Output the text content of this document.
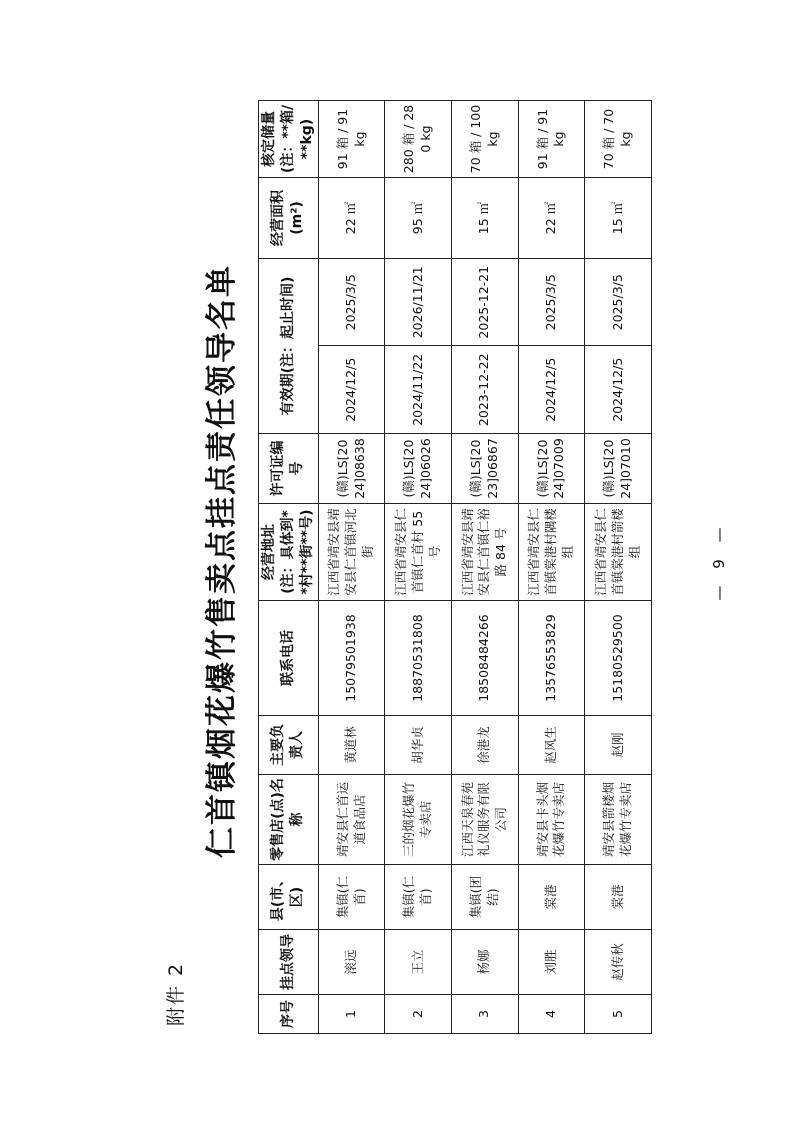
附件 2
仁首镇烟花爆竹售卖点挂点责任领导名单
序号	挂点领导	县(市、区)	零售店(点)名称	主要负责人	联系电话	经营地址(注：具体到**村**街**号)	许可证编号	有效期(注：起止时间)		经营面积(m²)	核定储量(注：**箱/**kg)
1	滚远	集镇(仁首)	靖安县仁首运道食品店	黄道林	15079501938	江西省靖安县靖安县仁首镇河北街	(赣)LS[2024]08638	2024/12/5	2025/3/5	22 ㎡	91 箱 / 91 kg
2	王立	集镇(仁首)	三的烟花爆竹专卖店	胡华贞	18870531808	江西省靖安县仁首镇仁首村 55 号	(赣)LS[2024]06026	2024/11/22	2026/11/21	95 ㎡	280 箱 / 280 kg
3	杨娜	集镇(团结)	江西天泉春苑礼仪服务有限公司	徐港龙	18508484266	江西省靖安县靖安县仁首镇仁裕路 84 号	(赣)LS[2023]06867	2023-12-22	2025-12-21	15 ㎡	70 箱 / 100 kg
4	刘胜	棠港	靖安县卡头烟花爆竹专卖店	赵风生	13576553829	江西省靖安县仁首镇棠港村隅楼组	(赣)LS[2024]07009	2024/12/5	2025/3/5	22 ㎡	91 箱 / 91 kg
5	赵传秋	棠港	靖安县箭楼烟花爆竹专卖店	赵刚	15180529500	江西省靖安县仁首镇棠港村箭楼组	(赣)LS[2024]07010	2024/12/5	2025/3/5	15 ㎡	70 箱 / 70 kg
— 9 —
